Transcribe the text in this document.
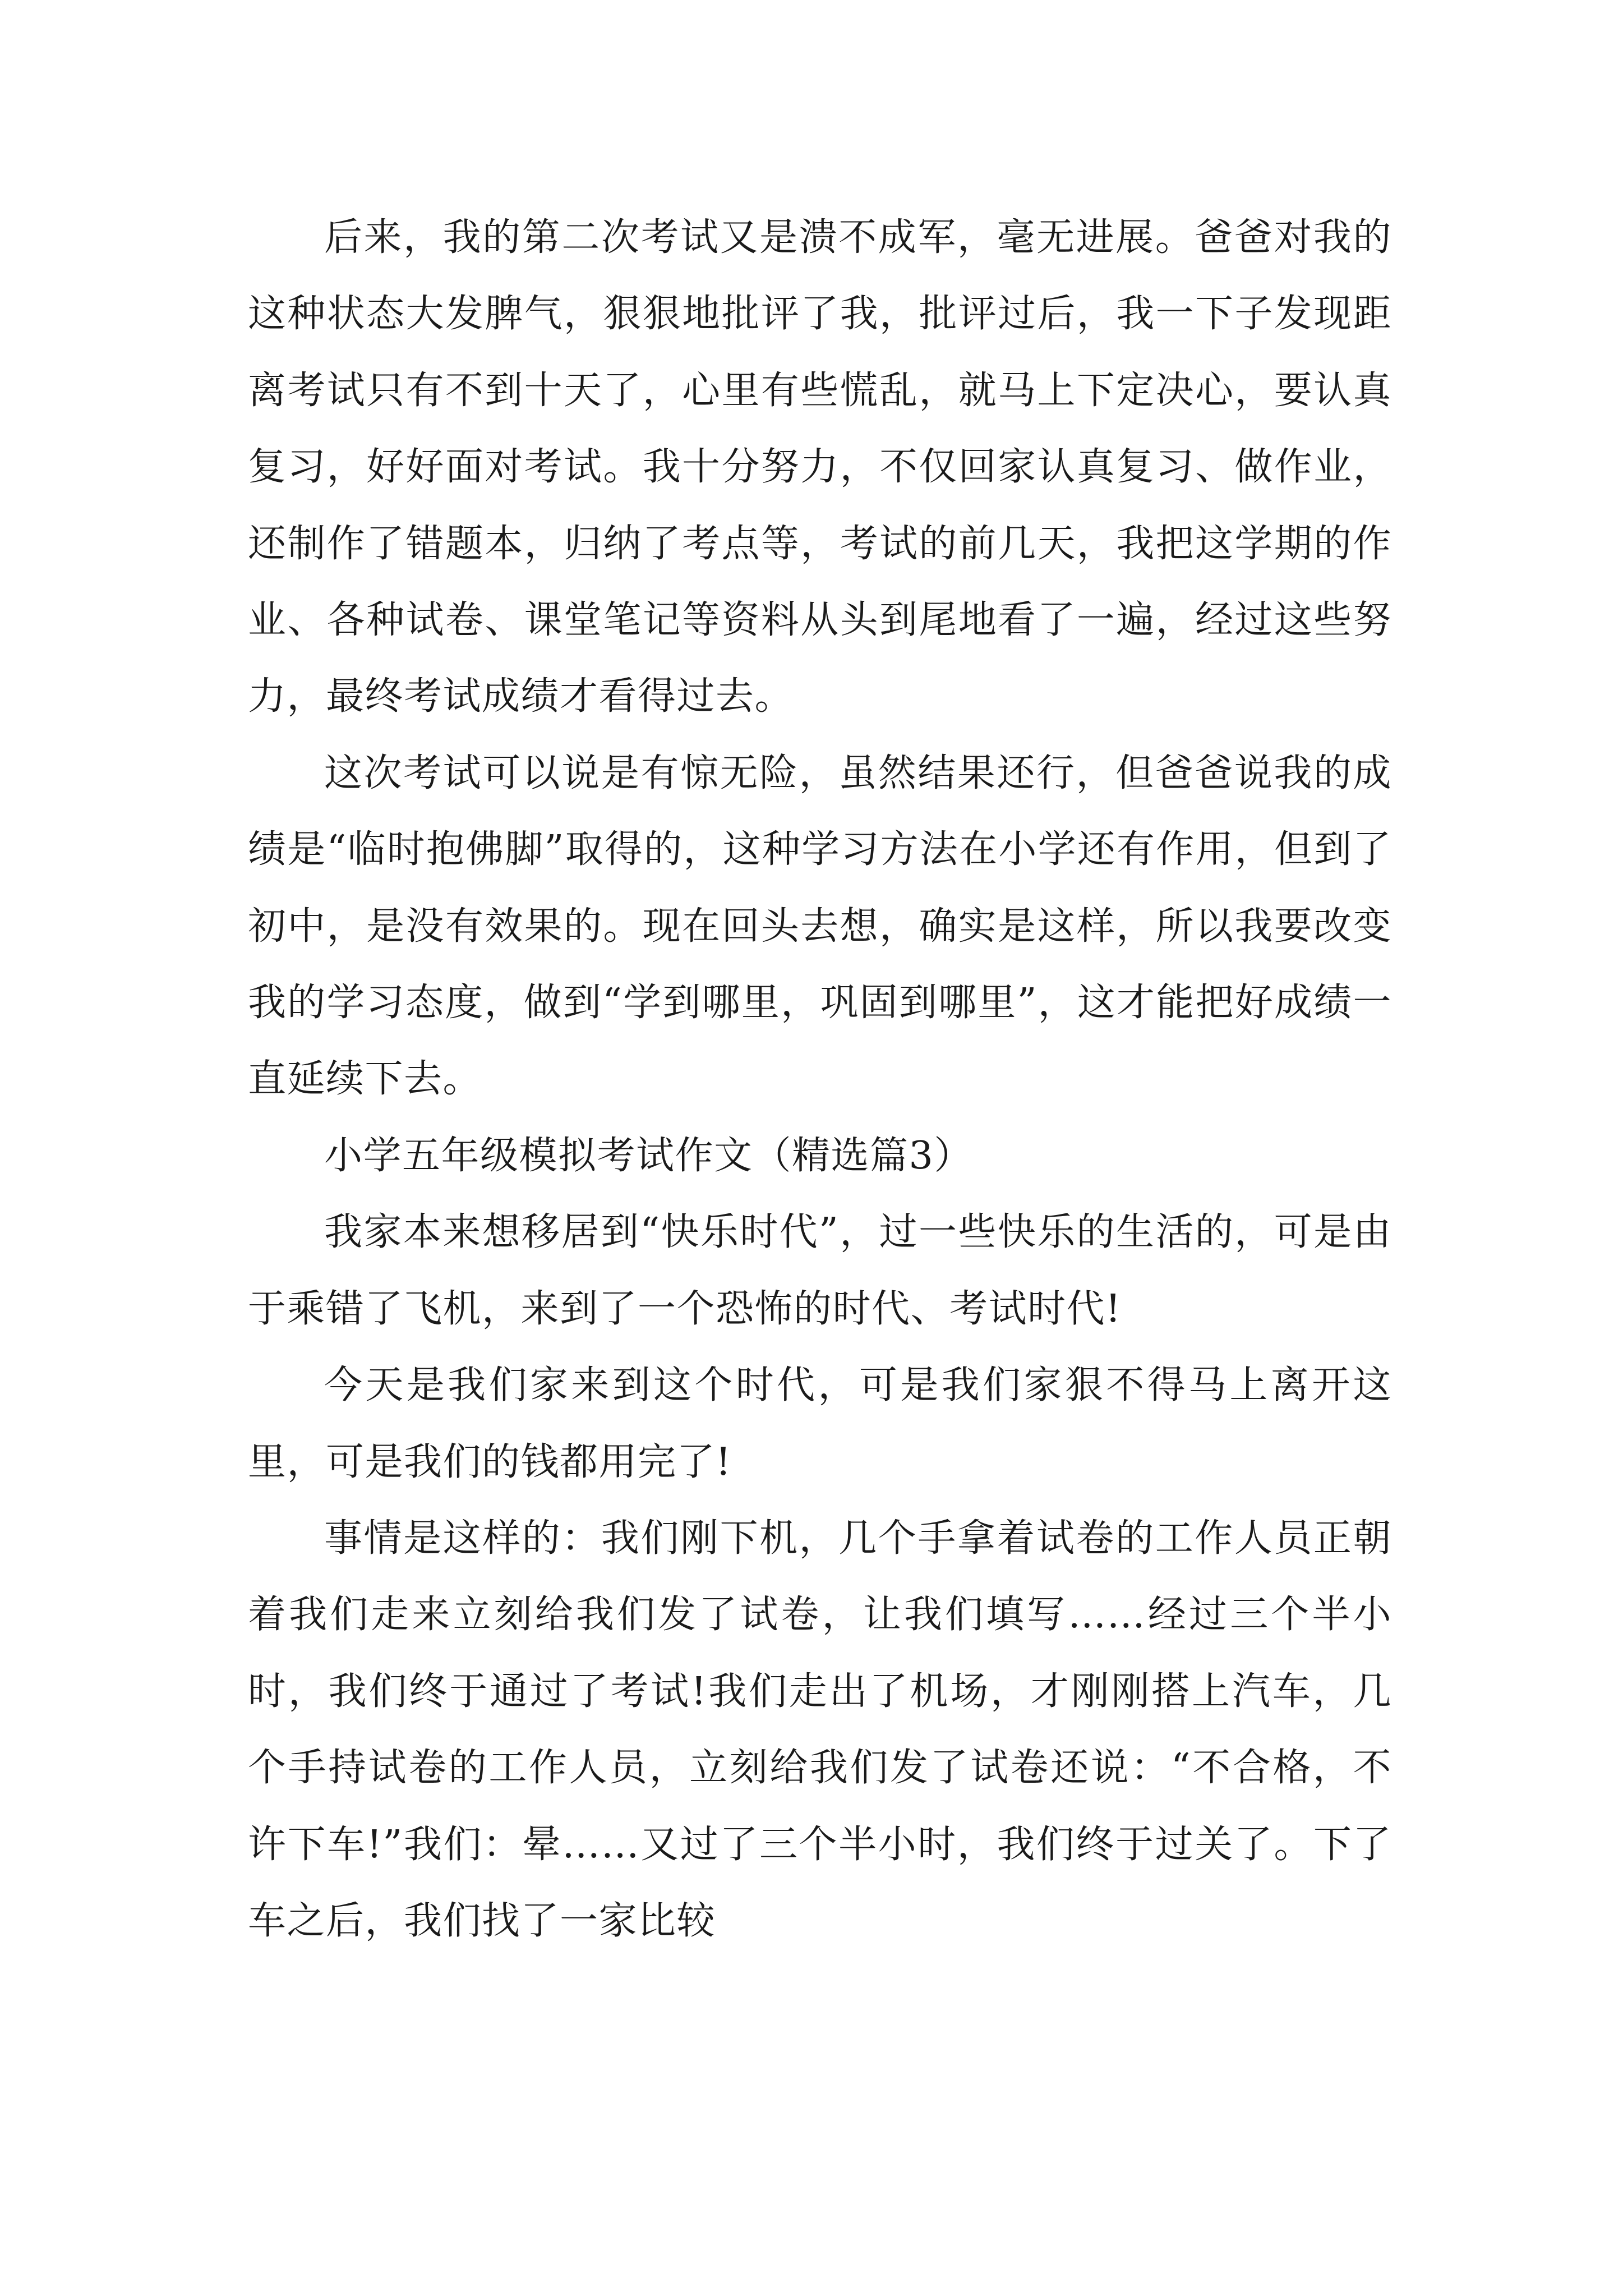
后来，我的第二次考试又是溃不成军，毫无进展。爸爸对我的这种状态大发脾气，狠狠地批评了我，批评过后，我一下子发现距离考试只有不到十天了，心里有些慌乱，就马上下定决心，要认真复习，好好面对考试。我十分努力，不仅回家认真复习、做作业，还制作了错题本，归纳了考点等，考试的前几天，我把这学期的作业、各种试卷、课堂笔记等资料从头到尾地看了一遍，经过这些努力，最终考试成绩才看得过去。

这次考试可以说是有惊无险，虽然结果还行，但爸爸说我的成绩是“临时抱佛脚”取得的，这种学习方法在小学还有作用，但到了初中，是没有效果的。现在回头去想，确实是这样，所以我要改变我的学习态度，做到“学到哪里，巩固到哪里”，这才能把好成绩一直延续下去。

小学五年级模拟考试作文（精选篇3）

我家本来想移居到“快乐时代”，过一些快乐的生活的，可是由于乘错了飞机，来到了一个恐怖的时代、考试时代!

今天是我们家来到这个时代，可是我们家狠不得马上离开这里，可是我们的钱都用完了!

事情是这样的：我们刚下机，几个手拿着试卷的工作人员正朝着我们走来立刻给我们发了试卷，让我们填写……经过三个半小时，我们终于通过了考试!我们走出了机场，才刚刚搭上汽车，几个手持试卷的工作人员，立刻给我们发了试卷还说：“不合格，不许下车!”我们：晕……又过了三个半小时，我们终于过关了。下了车之后，我们找了一家比较
